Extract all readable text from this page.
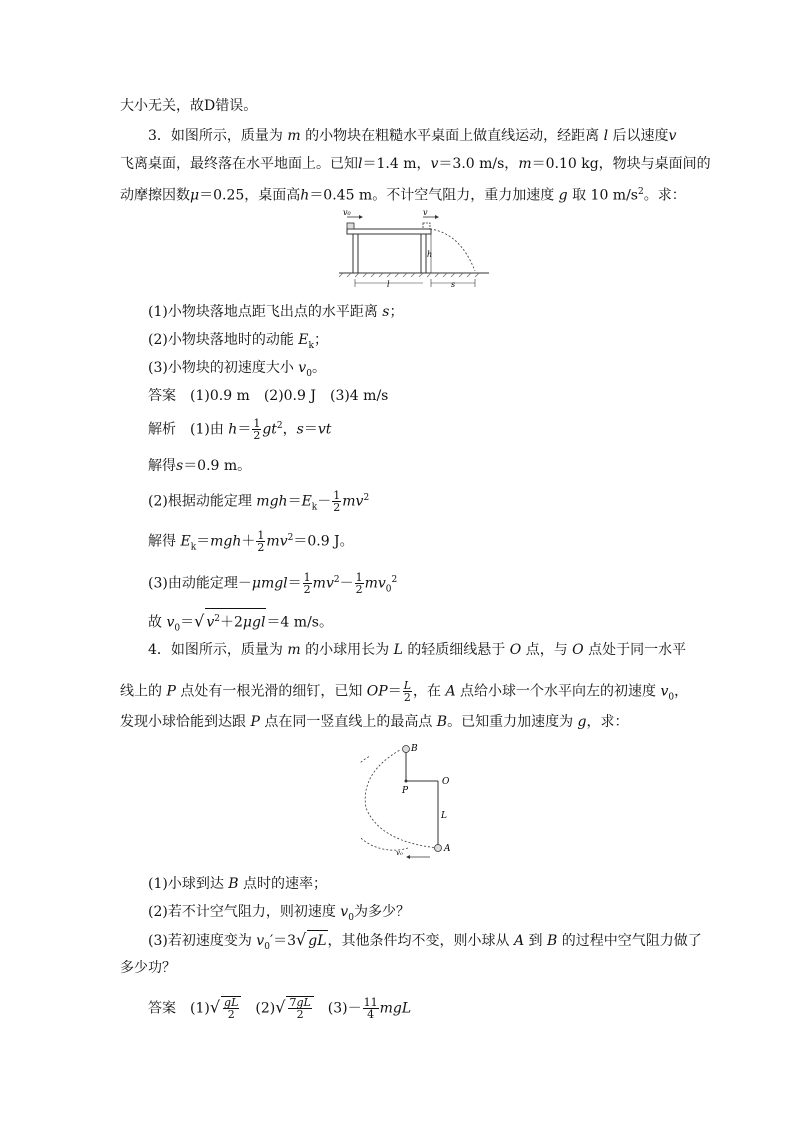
大小无关，故D错误。
3．如图所示，质量为 m 的小物块在粗糙水平桌面上做直线运动，经距离 l 后以速度v
飞离桌面，最终落在水平地面上。已知l＝1.4 m，v＝3.0 m/s，m＝0.10 kg，物块与桌面间的
动摩擦因数μ＝0.25，桌面高h＝0.45 m。不计空气阻力，重力加速度 g 取 10 $m/s^2$。求：
v₀	v
h
l	s
(1)小物块落地点距飞出点的水平距离 s；
(2)小物块落地时的动能 $E_k$；
(3)小物块的初速度大小 $v_0$。
答案　(1)0.9 m　(2)0.9 J　(3)4 m/s
解析　(1)由 $h= \frac{1}{2} gt^2$，s＝vt
解得s＝0.9 m。
(2)根据动能定理 $mgh=E_k- \frac{1}{2} mv^2$
解得 $E_k=mgh+ \frac{1}{2} mv^2=0.9$ J。
(3)由动能定理$-\mu mgl= \frac{1}{2} mv^2- \frac{1}{2} mv_0^2$
故 $v_0=√$ $v^2+2\mu gl=4$ m/s。
4．如图所示，质量为 m 的小球用长为 L 的轻质细线悬于 O 点，与 O 点处于同一水平
线上的 P 点处有一根光滑的细钉，已知 $OP= \frac{L}{2}$ ，在 A 点给小球一个水平向左的初速度 $v_0$，
发现小球恰能到达跟 P 点在同一竖直线上的最高点 B。已知重力加速度为 g，求：
B
P
O
L
A
v₀
(1)小球到达 B 点时的速率；
(2)若不计空气阻力，则初速度 $v_0$为多少？
(3)若初速度变为 $v_0'=3√$ gL，其他条件均不变，则小球从 A 到 B 的过程中空气阻力做了
多少功？
答案　$(1)√ \frac{gL}{2}$ 　$(2)√ \frac{7gL}{2}$ 　$(3)- \frac{11}{4}$ mgL
